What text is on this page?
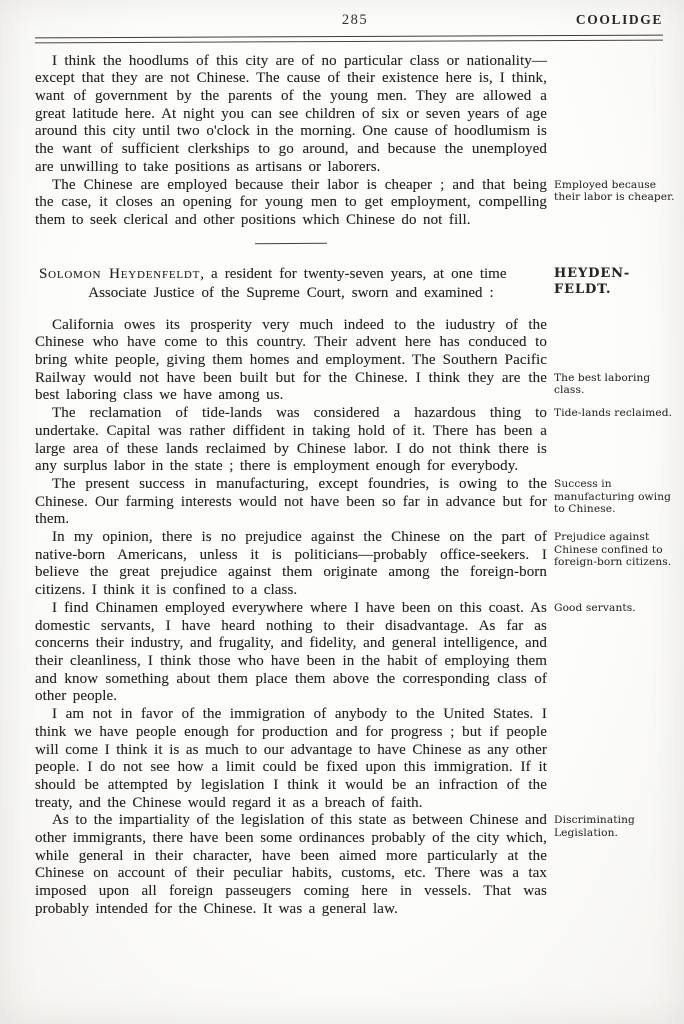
285	COOLIDGE

I think the hoodlums of this city are of no particular class or nationality—except that they are not Chinese. The cause of their existence here is, I think, want of government by the parents of the young men. They are allowed a great latitude here. At night you can see children of six or seven years of age around this city until two o'clock in the morning. One cause of hoodlumism is the want of sufficient clerkships to go around, and because the unemployed are unwilling to take positions as artisans or laborers.

The Chinese are employed because their labor is cheaper ; and that being the case, it closes an opening for young men to get employment, compelling them to seek clerical and other positions which Chinese do not fill.

Employed because their labor is cheaper.

Solomon Heydenfeldt, a resident for twenty-seven years, at one time

Associate Justice of the Supreme Court, sworn and examined :

HEYDEN-
FELDT.

California owes its prosperity very much indeed to the iudustry of the Chinese who have come to this country. Their advent here has conduced to bring white people, giving them homes and employment. The Southern Pacific Railway would not have been built but for the Chinese. I think they are the best laboring class we have among us.

The best laboring class.

The reclamation of tide-lands was considered a hazardous thing to undertake. Capital was rather diffident in taking hold of it. There has been a large area of these lands reclaimed by Chinese labor. I do not think there is any surplus labor in the state ; there is employment enough for everybody.

Tide-lands reclaimed.

The present success in manufacturing, except foundries, is owing to the Chinese. Our farming interests would not have been so far in advance but for them.

Success in manufacturing owing to Chinese.

In my opinion, there is no prejudice against the Chinese on the part of native-born Americans, unless it is politicians—probably office-seekers. I believe the great prejudice against them originate among the foreign-born citizens. I think it is confined to a class.

Prejudice against Chinese confined to foreign-born citizens.

I find Chinamen employed everywhere where I have been on this coast. As domestic servants, I have heard nothing to their disadvantage. As far as concerns their industry, and frugality, and fidelity, and general intelligence, and their cleanliness, I think those who have been in the habit of employing them and know something about them place them above the corresponding class of other people.

Good servants.

I am not in favor of the immigration of anybody to the United States. I think we have people enough for production and for progress ; but if people will come I think it is as much to our advantage to have Chinese as any other people. I do not see how a limit could be fixed upon this immigration. If it should be attempted by legislation I think it would be an infraction of the treaty, and the Chinese would regard it as a breach of faith.

As to the impartiality of the legislation of this state as between Chinese and other immigrants, there have been some ordinances probably of the city which, while general in their character, have been aimed more particularly at the Chinese on account of their peculiar habits, customs, etc. There was a tax imposed upon all foreign passeugers coming here in vessels. That was probably intended for the Chinese. It was a general law.

Discriminating Legislation.
